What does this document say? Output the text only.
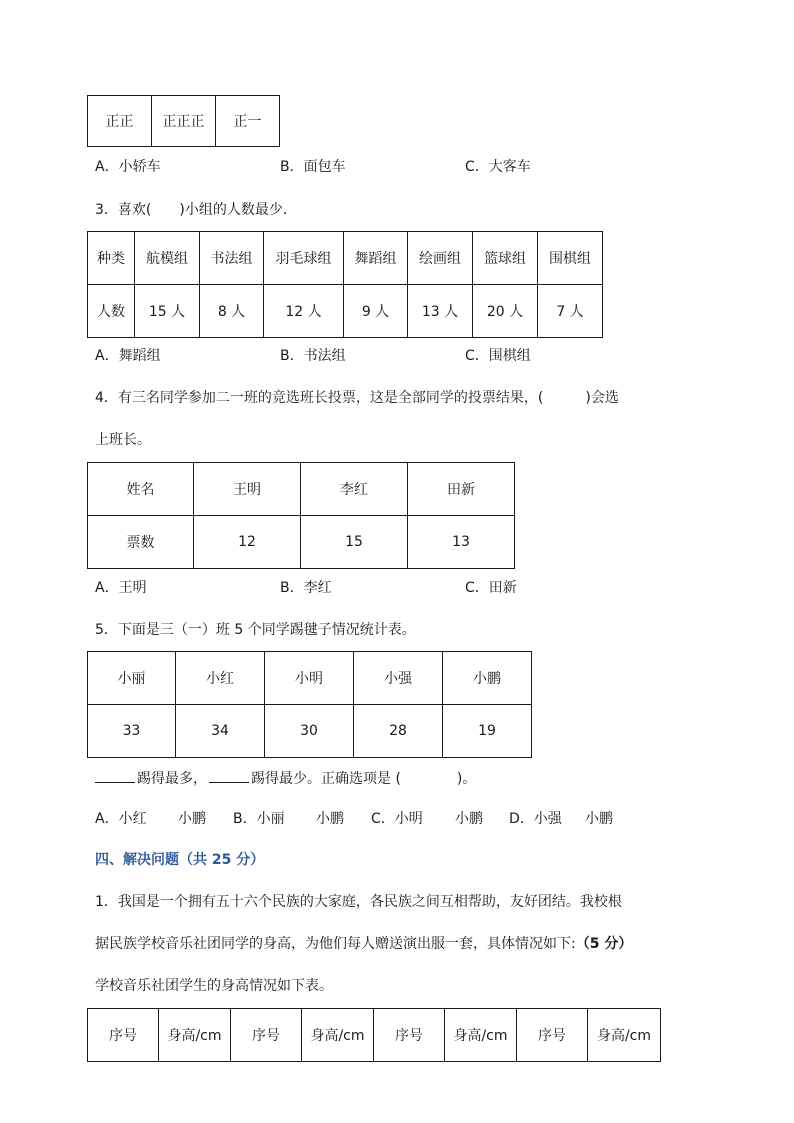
正正	正正正	正一
A．小轿车	B．面包车	C．大客车
3．喜欢(　　)小组的人数最少．
种类	航模组	书法组	羽毛球组	舞蹈组	绘画组	篮球组	围棋组
人数	15 人	8 人	12 人	9 人	13 人	20 人	7 人
A．舞蹈组	B．书法组	C．围棋组
4．有三名同学参加二一班的竞选班长投票，这是全部同学的投票结果，(　　　)会选
上班长。
姓名	王明	李红	田新
票数	12	15	13
A．王明	B．李红	C．田新
5．下面是三（一）班 5 个同学踢毽子情况统计表。
小丽	小红	小明	小强	小鹏
33	34	30	28	19
踢得最多，	踢得最少。正确选项是 (　　　　)。
A．小红 小鹏 B．小丽 小鹏 C．小明 小鹏 D．小强 小鹏
四、解决问题（共 25 分）
1．我国是一个拥有五十六个民族的大家庭，各民族之间互相帮助，友好团结。我校根
据民族学校音乐社团同学的身高，为他们每人赠送演出服一套，具体情况如下:（5 分）
学校音乐社团学生的身高情况如下表。
序号	身高/cm	序号	身高/cm	序号	身高/cm	序号	身高/cm
